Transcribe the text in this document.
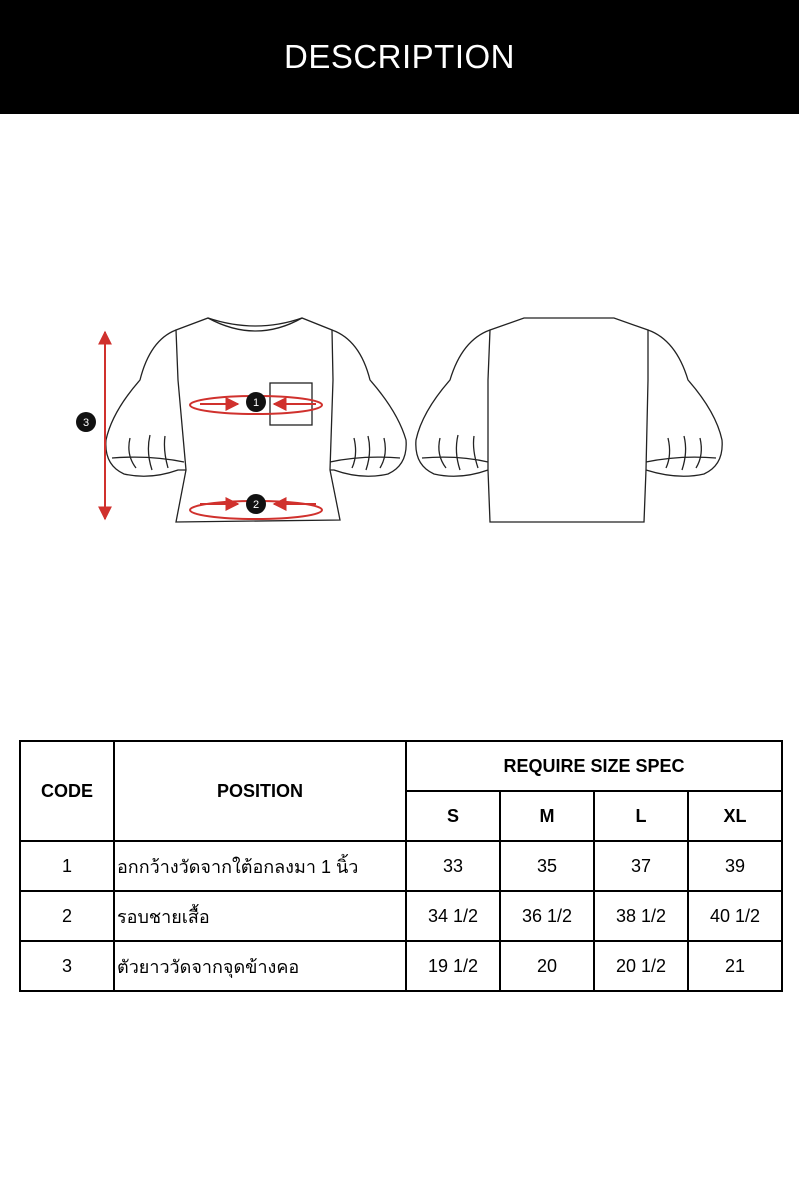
DESCRIPTION
1
2
3
CODE	POSITION	REQUIRE SIZE SPEC			
		S	M	L	XL
1	อกกว้างวัดจากใต้อกลงมา 1 นิ้ว	33	35	37	39
2	รอบชายเสื้อ	34 1/2	36 1/2	38 1/2	40 1/2
3	ตัวยาววัดจากจุดข้างคอ	19 1/2	20	20 1/2	21
